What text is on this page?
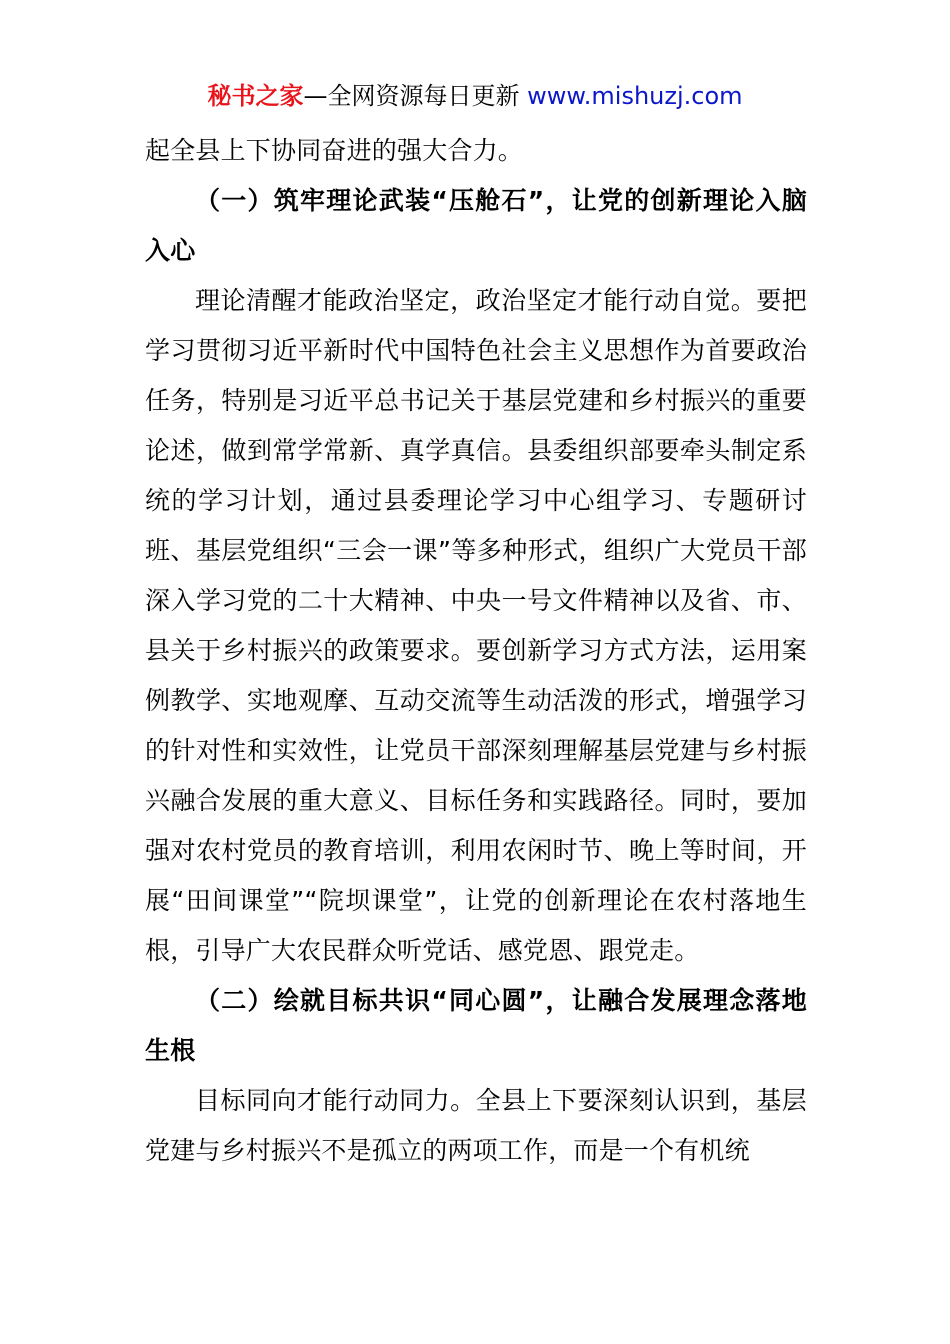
秘书之家—全网资源每日更新 www.mishuzj.com

起全县上下协同奋进的强大合力。

（一）筑牢理论武装“压舱石”，让党的创新理论入脑入心

理论清醒才能政治坚定，政治坚定才能行动自觉。要把学习贯彻习近平新时代中国特色社会主义思想作为首要政治任务，特别是习近平总书记关于基层党建和乡村振兴的重要论述，做到常学常新、真学真信。县委组织部要牵头制定系统的学习计划，通过县委理论学习中心组学习、专题研讨班、基层党组织“三会一课”等多种形式，组织广大党员干部深入学习党的二十大精神、中央一号文件精神以及省、市、县关于乡村振兴的政策要求。要创新学习方式方法，运用案例教学、实地观摩、互动交流等生动活泼的形式，增强学习的针对性和实效性，让党员干部深刻理解基层党建与乡村振兴融合发展的重大意义、目标任务和实践路径。同时，要加强对农村党员的教育培训，利用农闲时节、晚上等时间，开展“田间课堂”“院坝课堂”，让党的创新理论在农村落地生根，引导广大农民群众听党话、感党恩、跟党走。

（二）绘就目标共识“同心圆”，让融合发展理念落地生根

目标同向才能行动同力。全县上下要深刻认识到，基层党建与乡村振兴不是孤立的两项工作，而是一个有机统
